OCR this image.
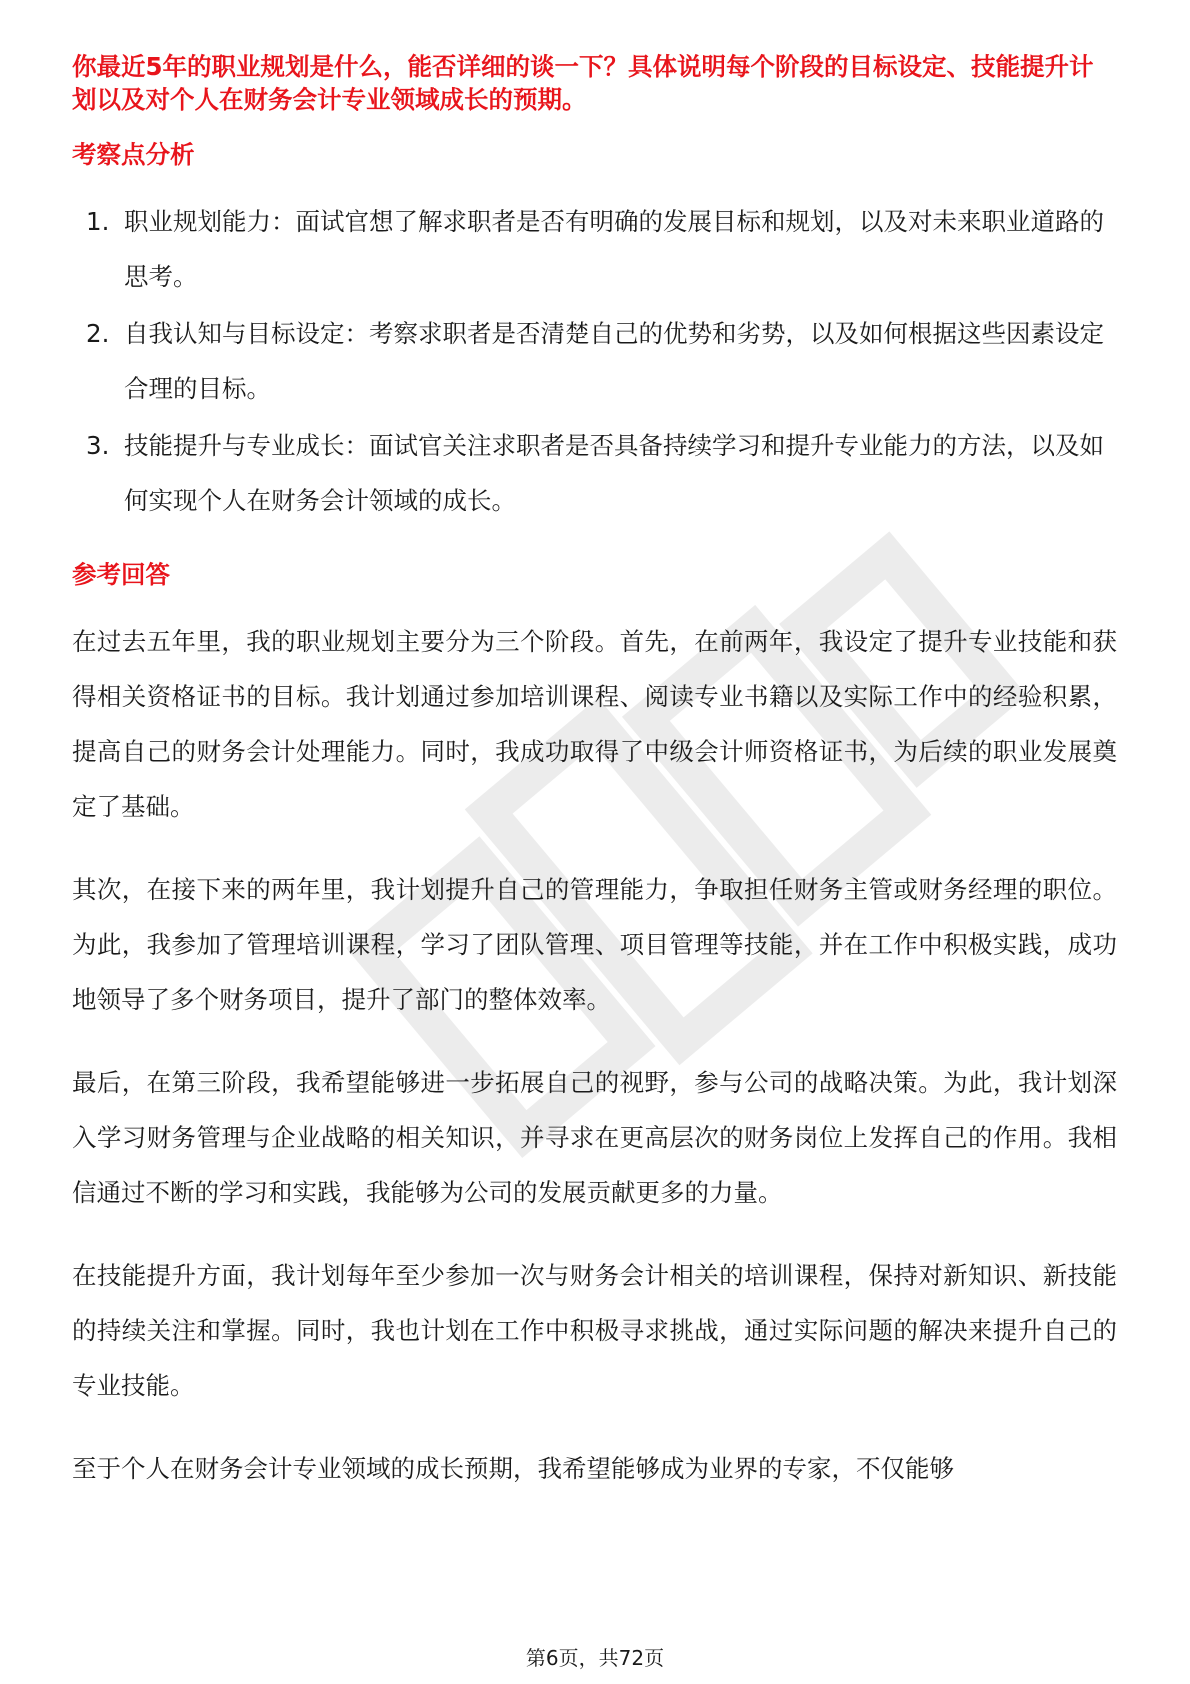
你最近5年的职业规划是什么，能否详细的谈一下？具体说明每个阶段的目标设定、技能提升计划以及对个人在财务会计专业领域成长的预期。
考察点分析
1. 职业规划能力：面试官想了解求职者是否有明确的发展目标和规划，以及对未来职业道路的思考。
2. 自我认知与目标设定：考察求职者是否清楚自己的优势和劣势，以及如何根据这些因素设定合理的目标。
3. 技能提升与专业成长：面试官关注求职者是否具备持续学习和提升专业能力的方法，以及如何实现个人在财务会计领域的成长。
参考回答

在过去五年里，我的职业规划主要分为三个阶段。首先，在前两年，我设定了提升专业技能和获得相关资格证书的目标。我计划通过参加培训课程、阅读专业书籍以及实际工作中的经验积累，提高自己的财务会计处理能力。同时，我成功取得了中级会计师资格证书，为后续的职业发展奠定了基础。

其次，在接下来的两年里，我计划提升自己的管理能力，争取担任财务主管或财务经理的职位。为此，我参加了管理培训课程，学习了团队管理、项目管理等技能，并在工作中积极实践，成功地领导了多个财务项目，提升了部门的整体效率。

最后，在第三阶段，我希望能够进一步拓展自己的视野，参与公司的战略决策。为此，我计划深入学习财务管理与企业战略的相关知识，并寻求在更高层次的财务岗位上发挥自己的作用。我相信通过不断的学习和实践，我能够为公司的发展贡献更多的力量。

在技能提升方面，我计划每年至少参加一次与财务会计相关的培训课程，保持对新知识、新技能的持续关注和掌握。同时，我也计划在工作中积极寻求挑战，通过实际问题的解决来提升自己的专业技能。

至于个人在财务会计专业领域的成长预期，我希望能够成为业界的专家，不仅能够

第6页，共72页
